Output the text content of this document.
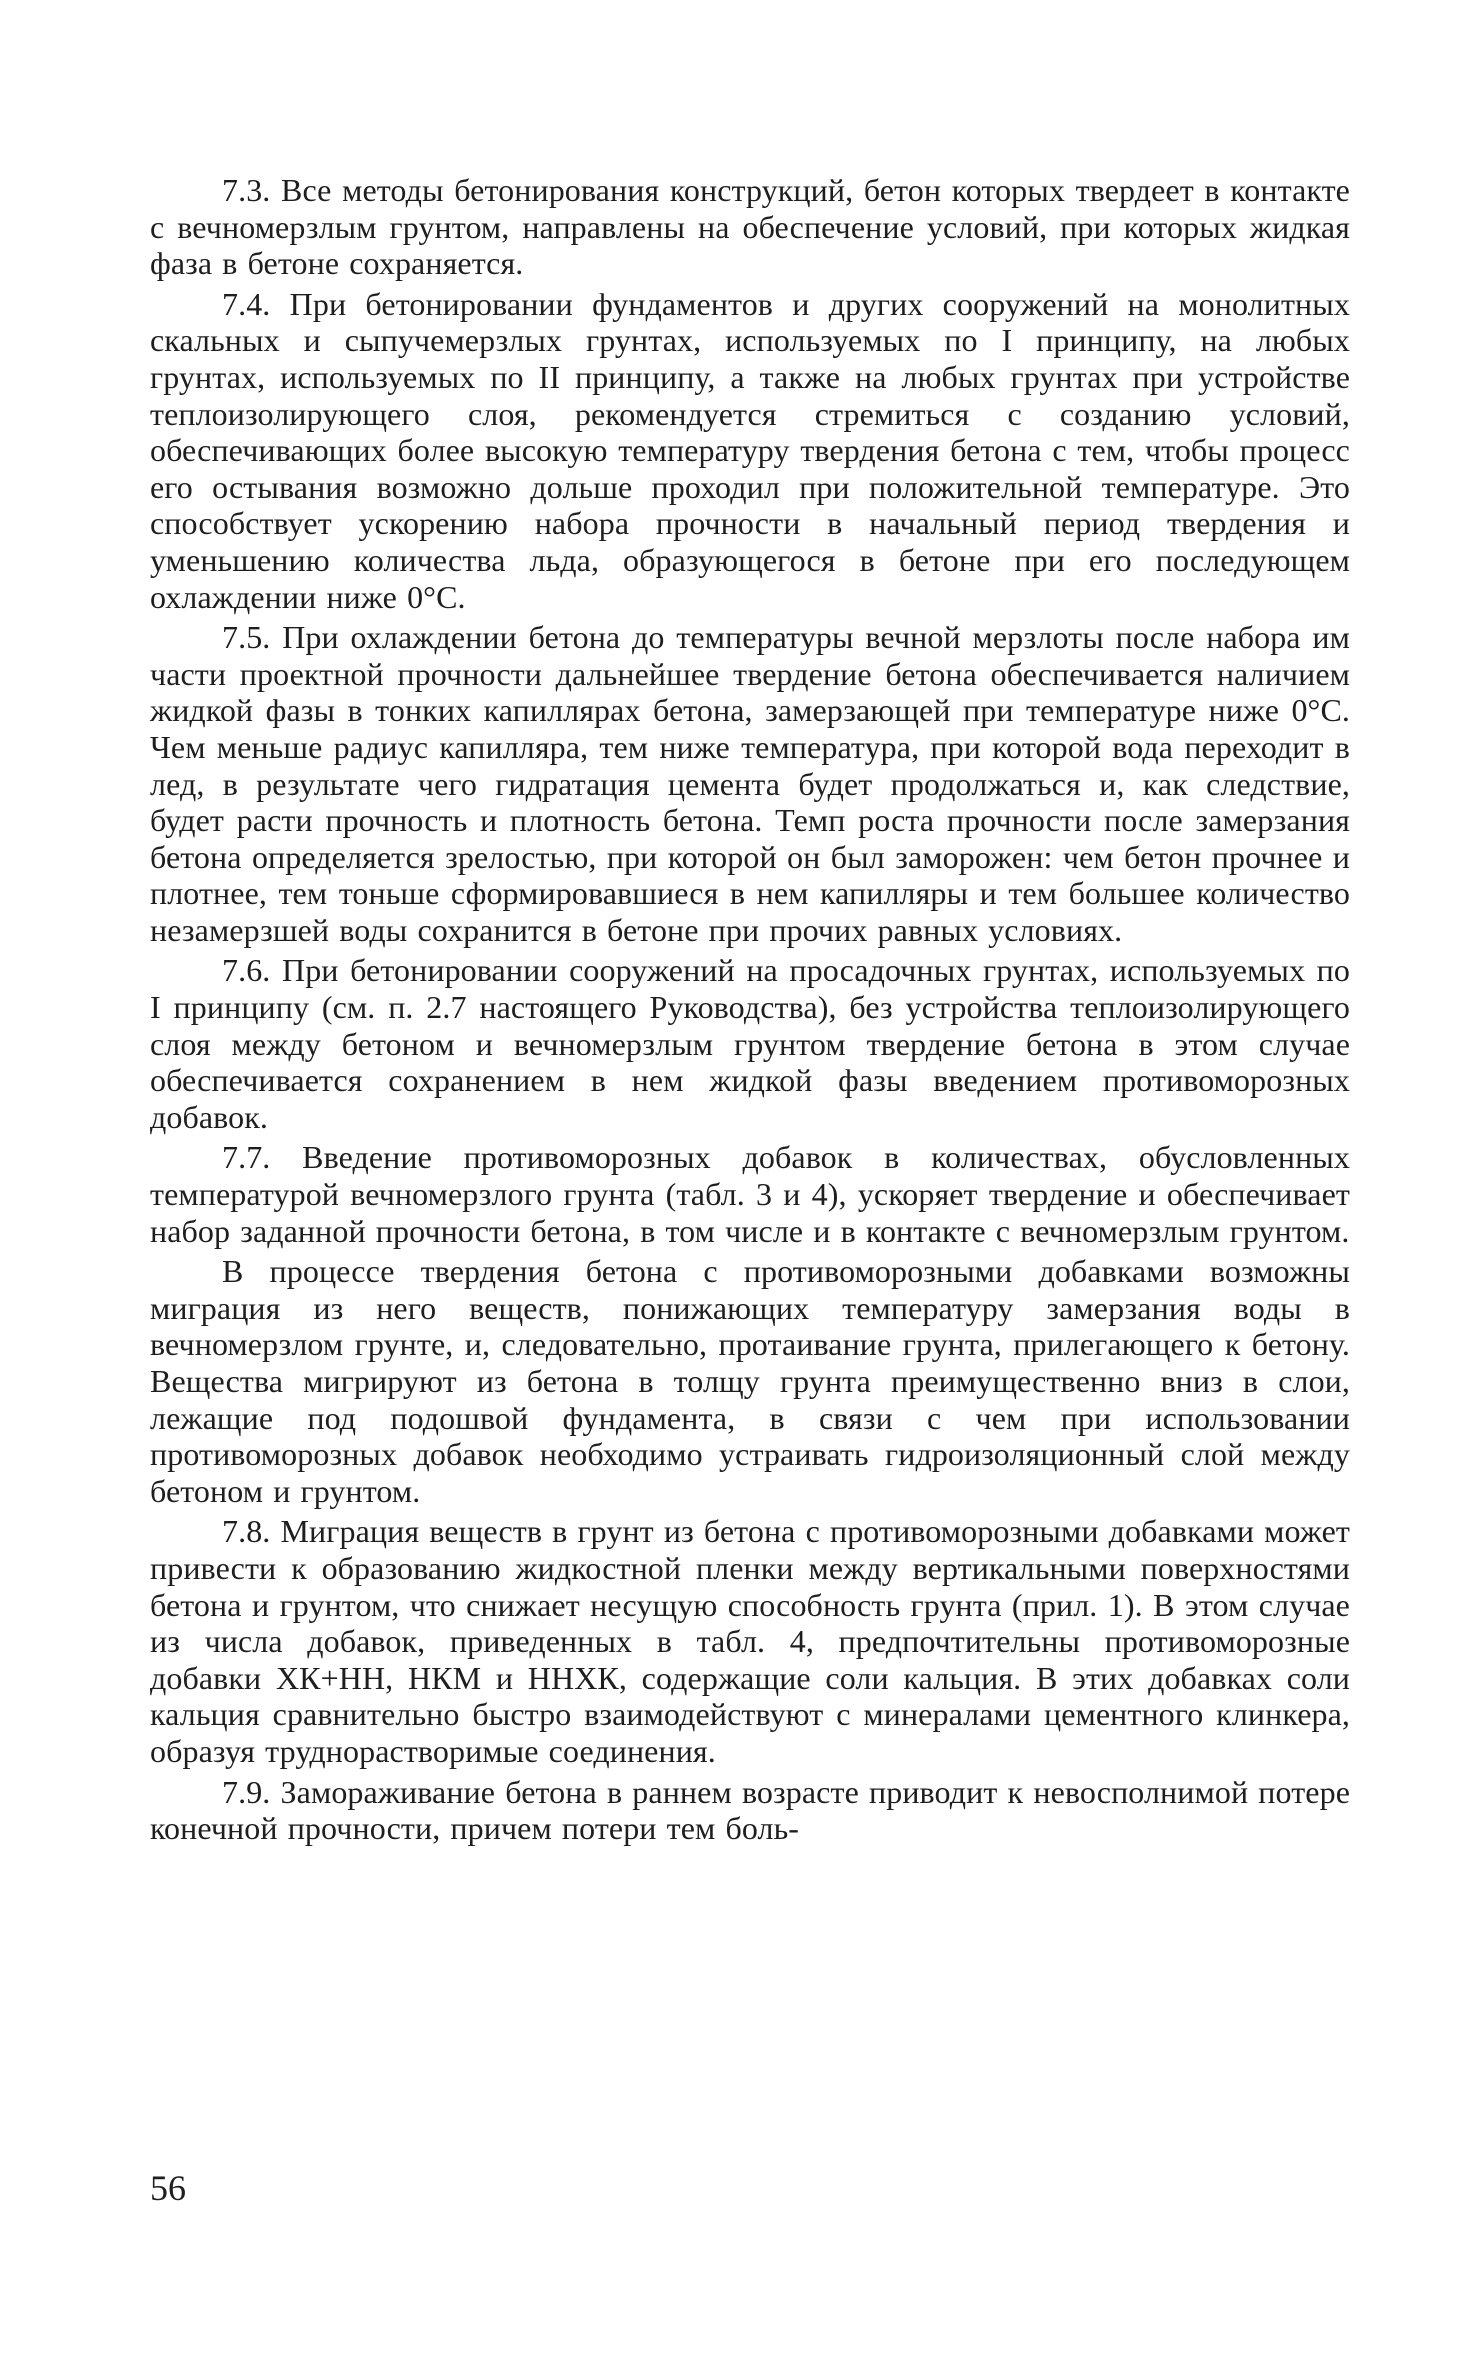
7.3. Все методы бетонирования конструкций, бетон которых твердеет в контакте с вечномерзлым грунтом, направлены на обеспечение условий, при которых жидкая фаза в бетоне сохраняется.

7.4. При бетонировании фундаментов и других сооружений на монолитных скальных и сыпучемерзлых грунтах, используемых по I принципу, на любых грунтах, используемых по II принципу, а также на любых грунтах при устройстве теплоизолирующего слоя, рекомендуется стремиться с созданию условий, обеспечивающих более высокую температуру твердения бетона с тем, чтобы процесс его остывания возможно дольше проходил при положительной температуре. Это способствует ускорению набора прочности в начальный период твердения и уменьшению количества льда, образующегося в бетоне при его последующем охлаждении ниже 0°С.

7.5. При охлаждении бетона до температуры вечной мерзлоты после набора им части проектной прочности дальнейшее твердение бетона обеспечивается наличием жидкой фазы в тонких капиллярах бетона, замерзающей при температуре ниже 0°С. Чем меньше радиус капилляра, тем ниже температура, при которой вода переходит в лед, в результате чего гидратация цемента будет продолжаться и, как следствие, будет расти прочность и плотность бетона. Темп роста прочности после замерзания бетона определяется зрелостью, при которой он был заморожен: чем бетон прочнее и плотнее, тем тоньше сформировавшиеся в нем капилляры и тем большее количество незамерзшей воды сохранится в бетоне при прочих равных условиях.

7.6. При бетонировании сооружений на просадочных грунтах, используемых по I принципу (см. п. 2.7 настоящего Руководства), без устройства теплоизолирующего слоя между бетоном и вечномерзлым грунтом твердение бетона в этом случае обеспечивается сохранением в нем жидкой фазы введением противоморозных добавок.

7.7. Введение противоморозных добавок в количествах, обусловленных температурой вечномерзлого грунта (табл. 3 и 4), ускоряет твердение и обеспечивает набор заданной прочности бетона, в том числе и в контакте с вечномерзлым грунтом.

В процессе твердения бетона с противоморозными добавками возможны миграция из него веществ, понижающих температуру замерзания воды в вечномерзлом грунте, и, следовательно, протаивание грунта, прилегающего к бетону. Вещества мигрируют из бетона в толщу грунта преимущественно вниз в слои, лежащие под подошвой фундамента, в связи с чем при использовании противоморозных добавок необходимо устраивать гидроизоляционный слой между бетоном и грунтом.

7.8. Миграция веществ в грунт из бетона с противоморозными добавками может привести к образованию жидкостной пленки между вертикальными поверхностями бетона и грунтом, что снижает несущую способность грунта (прил. 1). В этом случае из числа добавок, приведенных в табл. 4, предпочтительны противоморозные добавки ХК+НН, НКМ и ННХК, содержащие соли кальция. В этих добавках соли кальция сравнительно быстро взаимодействуют с минералами цементного клинкера, образуя труднорастворимые соединения.

7.9. Замораживание бетона в раннем возрасте приводит к невосполнимой потере конечной прочности, причем потери тем боль-

56
